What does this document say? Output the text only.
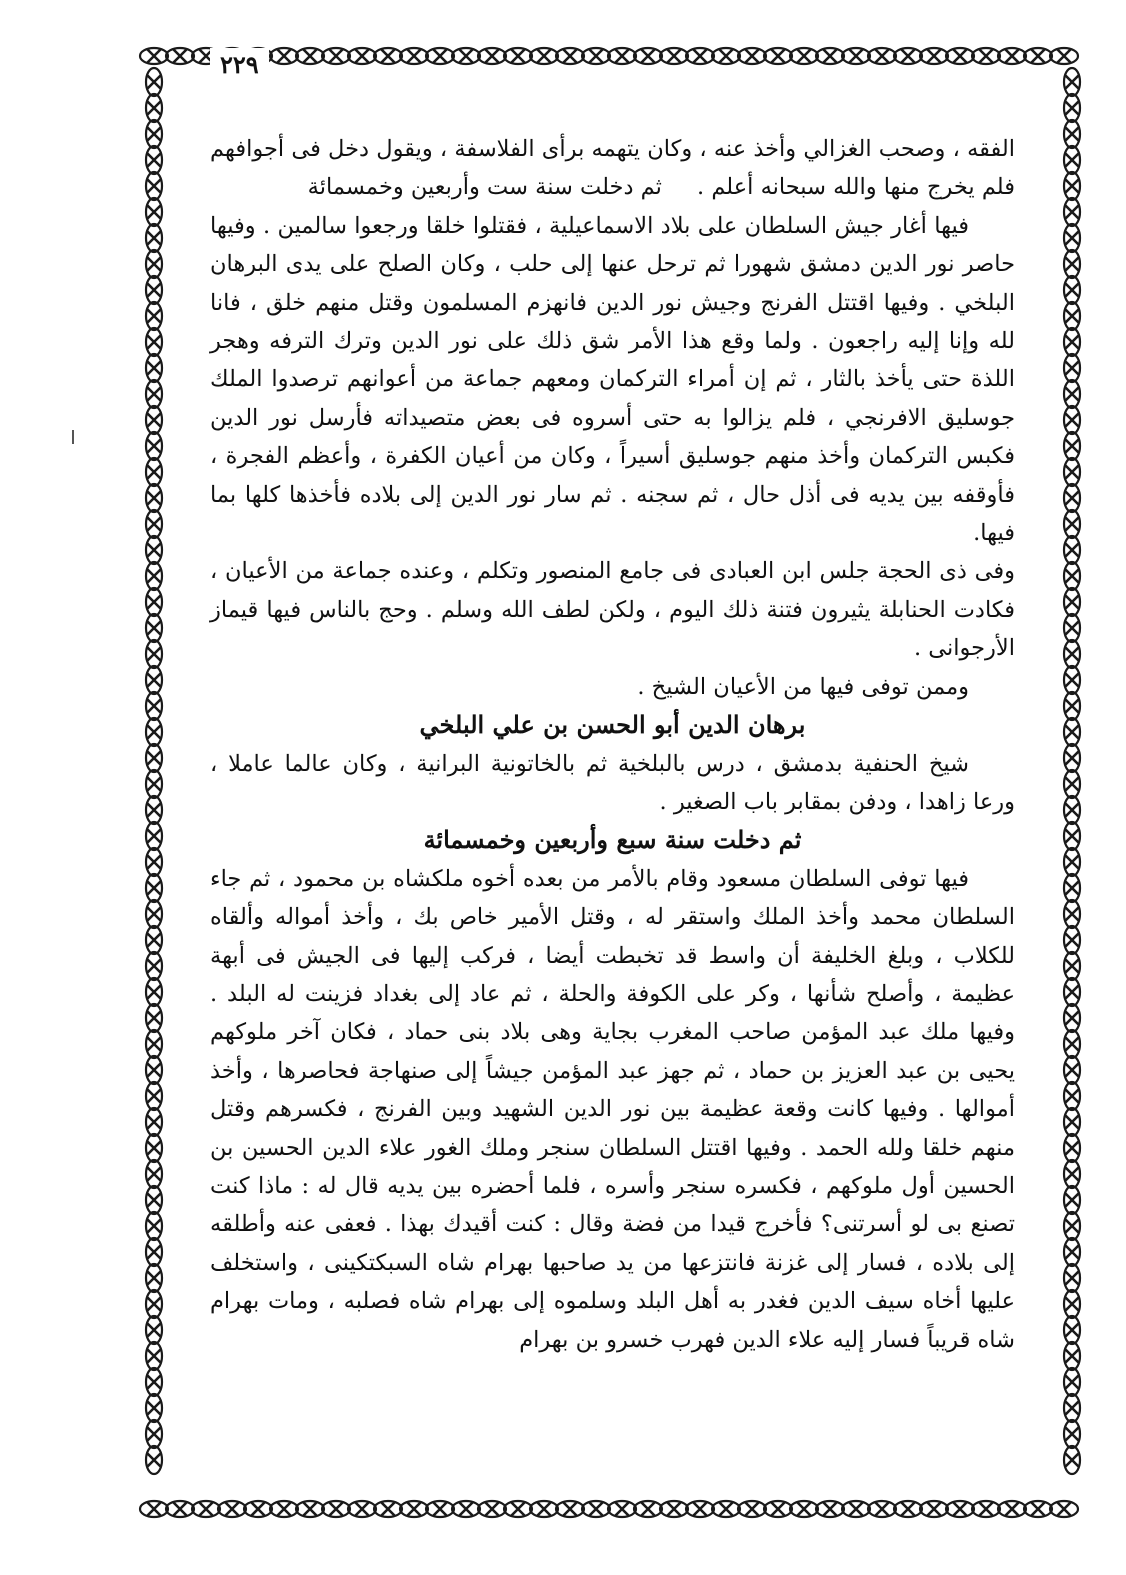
٢٢٩

الفقه ، وصحب الغزالي وأخذ عنه ، وكان يتهمه برأى الفلاسفة ، ويقول دخل فى أجوافهم فلم يخرج منها والله سبحانه أعلم . ثم دخلت سنة ست وأربعين وخمسمائة

فيها أغار جيش السلطان على بلاد الاسماعيلية ، فقتلوا خلقا ورجعوا سالمين . وفيها حاصر نور الدين دمشق شهورا ثم ترحل عنها إلى حلب ، وكان الصلح على يدى البرهان البلخي . وفيها اقتتل الفرنج وجيش نور الدين فانهزم المسلمون وقتل منهم خلق ، فانا لله وإنا إليه راجعون . ولما وقع هذا الأمر شق ذلك على نور الدين وترك الترفه وهجر اللذة حتى يأخذ بالثار ، ثم إن أمراء التركمان ومعهم جماعة من أعوانهم ترصدوا الملك جوسليق الافرنجي ، فلم يزالوا به حتى أسروه فى بعض متصيداته فأرسل نور الدين فكبس التركمان وأخذ منهم جوسليق أسيراً ، وكان من أعيان الكفرة ، وأعظم الفجرة ، فأوقفه بين يديه فى أذل حال ، ثم سجنه . ثم سار نور الدين إلى بلاده فأخذها كلها بما فيها.

وفى ذى الحجة جلس ابن العبادى فى جامع المنصور وتكلم ، وعنده جماعة من الأعيان ، فكادت الحنابلة يثيرون فتنة ذلك اليوم ، ولكن لطف الله وسلم . وحج بالناس فيها قيماز الأرجوانى .

وممن توفى فيها من الأعيان الشيخ .

برهان الدين أبو الحسن بن علي البلخي

شيخ الحنفية بدمشق ، درس بالبلخية ثم بالخاتونية البرانية ، وكان عالما عاملا ، ورعا زاهدا ، ودفن بمقابر باب الصغير .

ثم دخلت سنة سبع وأربعين وخمسمائة

فيها توفى السلطان مسعود وقام بالأمر من بعده أخوه ملكشاه بن محمود ، ثم جاء السلطان محمد وأخذ الملك واستقر له ، وقتل الأمير خاص بك ، وأخذ أمواله وألقاه للكلاب ، وبلغ الخليفة أن واسط قد تخبطت أيضا ، فركب إليها فى الجيش فى أبهة عظيمة ، وأصلح شأنها ، وكر على الكوفة والحلة ، ثم عاد إلى بغداد فزينت له البلد . وفيها ملك عبد المؤمن صاحب المغرب بجاية وهى بلاد بنى حماد ، فكان آخر ملوكهم يحيى بن عبد العزيز بن حماد ، ثم جهز عبد المؤمن جيشاً إلى صنهاجة فحاصرها ، وأخذ أموالها . وفيها كانت وقعة عظيمة بين نور الدين الشهيد وبين الفرنج ، فكسرهم وقتل منهم خلقا ولله الحمد . وفيها اقتتل السلطان سنجر وملك الغور علاء الدين الحسين بن الحسين أول ملوكهم ، فكسره سنجر وأسره ، فلما أحضره بين يديه قال له : ماذا كنت تصنع بى لو أسرتنى؟ فأخرج قيدا من فضة وقال : كنت أقيدك بهذا . فعفى عنه وأطلقه إلى بلاده ، فسار إلى غزنة فانتزعها من يد صاحبها بهرام شاه السبكتكينى ، واستخلف عليها أخاه سيف الدين فغدر به أهل البلد وسلموه إلى بهرام شاه فصلبه ، ومات بهرام شاه قريباً فسار إليه علاء الدين فهرب خسرو بن بهرام
